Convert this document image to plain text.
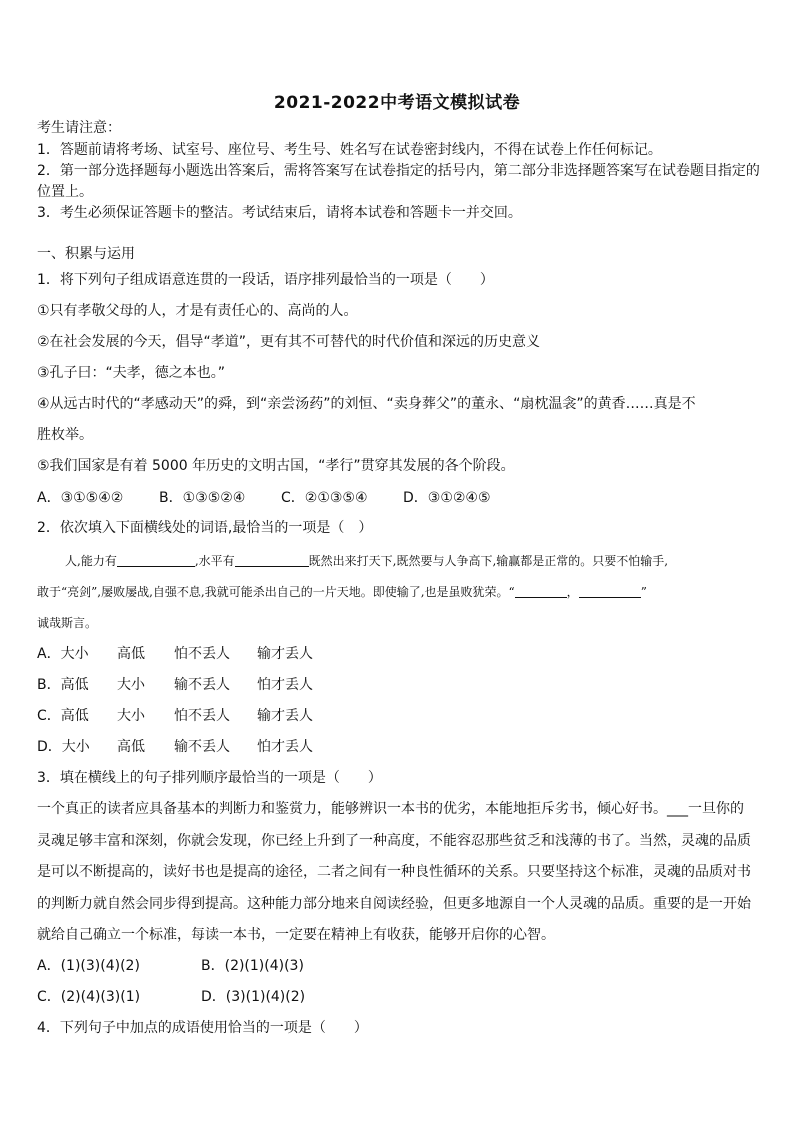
2021-2022中考语文模拟试卷
考生请注意：
1．答题前请将考场、试室号、座位号、考生号、姓名写在试卷密封线内，不得在试卷上作任何标记。
2．第一部分选择题每小题选出答案后，需将答案写在试卷指定的括号内，第二部分非选择题答案写在试卷题目指定的
位置上。
3．考生必须保证答题卡的整洁。考试结束后，请将本试卷和答题卡一并交回。
一、积累与运用
1．将下列句子组成语意连贯的一段话，语序排列最恰当的一项是（　　）
①只有孝敬父母的人，才是有责任心的、高尚的人。
②在社会发展的今天，倡导“孝道”，更有其不可替代的时代价值和深远的历史意义
③孔子曰：“夫孝，德之本也。”
④从远古时代的“孝感动天”的舜，到“亲尝汤药”的刘恒、“卖身葬父”的董永、“扇枕温衾”的黄香……真是不
胜枚举。
⑤我们国家是有着 5000 年历史的文明古国，“孝行”贯穿其发展的各个阶段。
A．③①⑤④②	B．①③⑤②④	C．②①③⑤④	D．③①②④⑤
2．依次填入下面横线处的词语,最恰当的一项是（　）
人,能力有	,水平有	既然出来打天下,既然要与人争高下,输赢都是正常的。只要不怕输手,
敢于“亮剑”,屡败屡战,自强不息,我就可能杀出自己的一片天地。即使输了,也是虽败犹荣。“	，	”
诚哉斯言。
A．大小 高低 怕不丢人 输才丢人
B．高低 大小 输不丢人 怕才丢人
C．高低 大小 怕不丢人 输才丢人
D．大小 高低 输不丢人 怕才丢人
3．填在横线上的句子排列顺序最恰当的一项是（　　）
一个真正的读者应具备基本的判断力和鉴赏力，能够辨识一本书的优劣，本能地拒斥劣书，倾心好书。___一旦你的
灵魂足够丰富和深刻，你就会发现，你已经上升到了一种高度，不能容忍那些贫乏和浅薄的书了。当然，灵魂的品质
是可以不断提高的，读好书也是提高的途径，二者之间有一种良性循环的关系。只要坚持这个标准，灵魂的品质对书
的判断力就自然会同步得到提高。这种能力部分地来自阅读经验，但更多地源自一个人灵魂的品质。重要的是一开始
就给自己确立一个标准，每读一本书，一定要在精神上有收获，能够开启你的心智。
A．(1)(3)(4)(2)	B．(2)(1)(4)(3)
C．(2)(4)(3)(1)	D．(3)(1)(4)(2)
4．下列句子中加点的成语使用恰当的一项是（　　）
